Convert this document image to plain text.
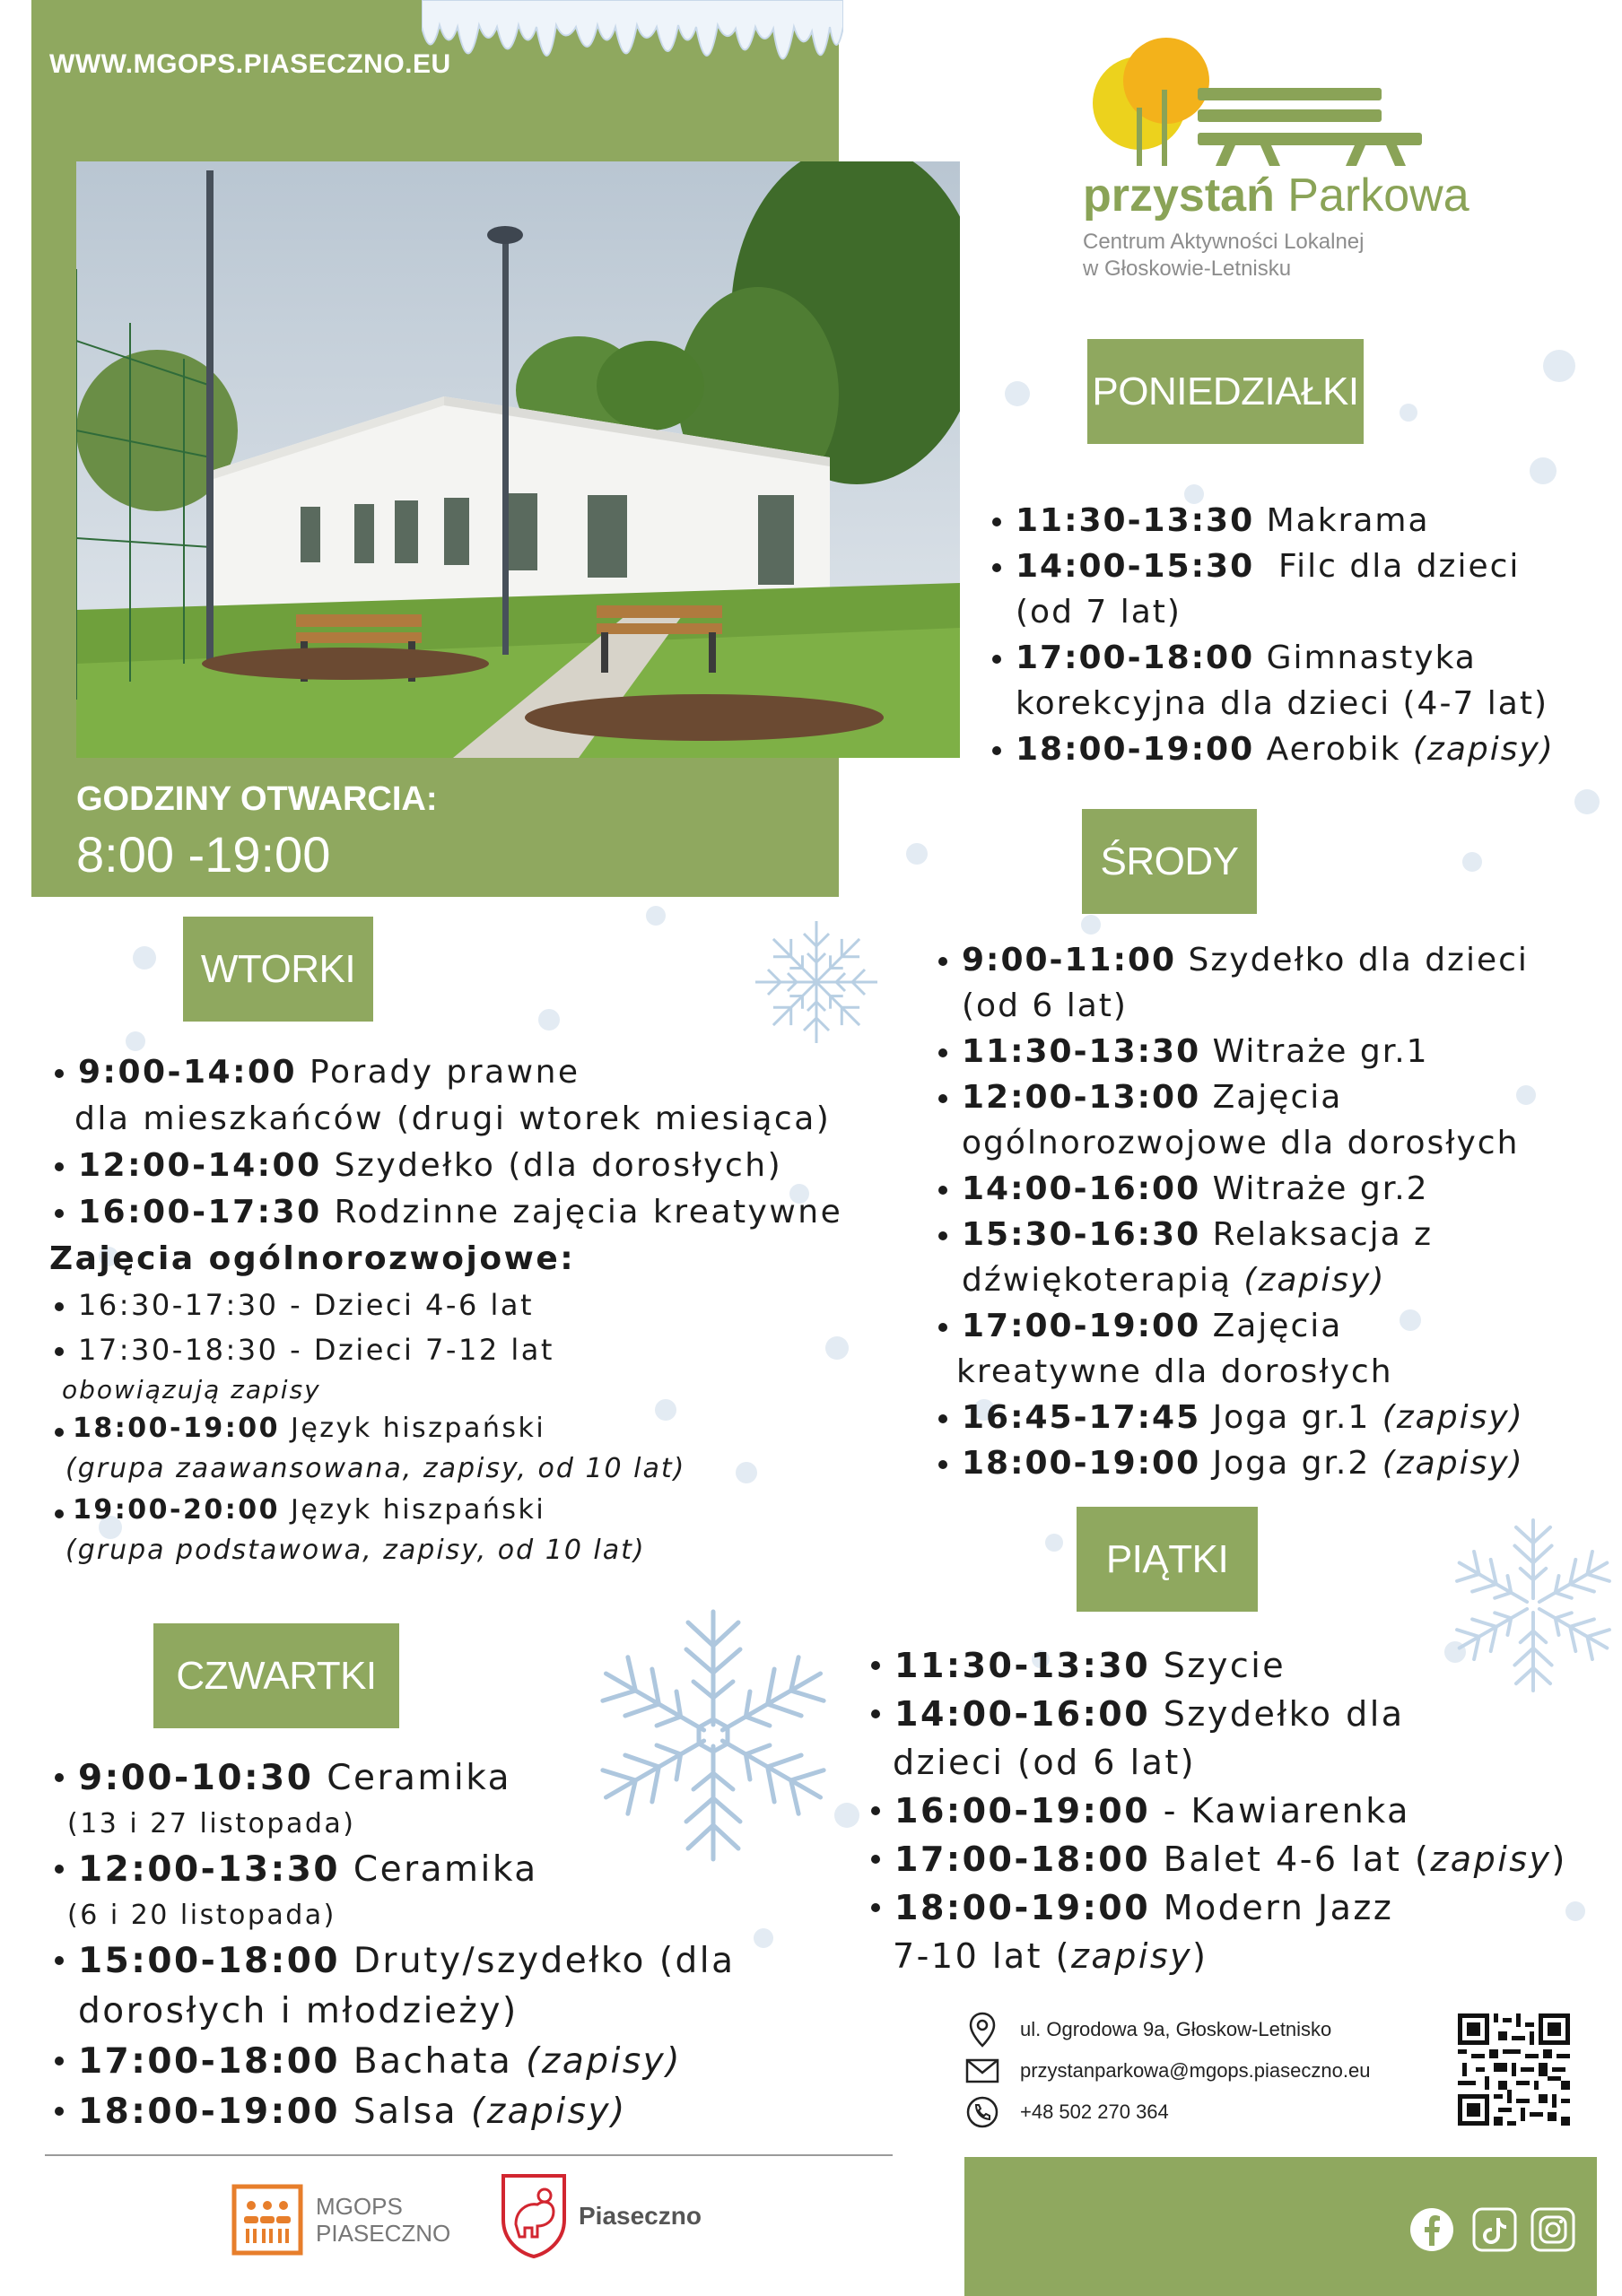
WWW.MGOPS.PIASECZNO.EU
GODZINY OTWARCIA:
8:00 -19:00
przystań Parkowa
Centrum Aktywności Lokalnej
w Głoskowie-Letnisku
PONIEDZIAŁKI
ŚRODY
WTORKI
CZWARTKI
PIĄTKI
11:30-13:30 Makrama
14:00-15:30  Filc dla dzieci
(od 7 lat)
17:00-18:00 Gimnastyka
korekcyjna dla dzieci (4-7 lat)
18:00-19:00 Aerobik (zapisy)
9:00-11:00 Szydełko dla dzieci
(od 6 lat)
11:30-13:30 Witraże gr.1
12:00-13:00 Zajęcia
ogólnorozwojowe dla dorosłych
14:00-16:00 Witraże gr.2
15:30-16:30 Relaksacja z
dźwiękoterapią (zapisy)
17:00-19:00 Zajęcia
kreatywne dla dorosłych
16:45-17:45 Joga gr.1 (zapisy)
18:00-19:00 Joga gr.2 (zapisy)
9:00-14:00 Porady prawne
dla mieszkańców (drugi wtorek miesiąca)
12:00-14:00 Szydełko (dla dorosłych)
16:00-17:30 Rodzinne zajęcia kreatywne
Zajęcia ogólnorozwojowe:
16:30-17:30 - Dzieci 4-6 lat
17:30-18:30 - Dzieci 7-12 lat
obowiązują zapisy
18:00-19:00 Język hiszpański
(grupa zaawansowana, zapisy, od 10 lat)
19:00-20:00 Język hiszpański
(grupa podstawowa, zapisy, od 10 lat)
9:00-10:30 Ceramika
(13 i 27 listopada)
12:00-13:30 Ceramika
(6 i 20 listopada)
15:00-18:00 Druty/szydełko (dla
dorosłych i młodzieży)
17:00-18:00 Bachata (zapisy)
18:00-19:00 Salsa (zapisy)
11:30-13:30 Szycie
14:00-16:00 Szydełko dla
dzieci (od 6 lat)
16:00-19:00 - Kawiarenka
17:00-18:00 Balet 4-6 lat (zapisy)
18:00-19:00 Modern Jazz
7-10 lat (zapisy)
ul. Ogrodowa 9a, Głoskow-Letnisko
przystanparkowa@mgops.piaseczno.eu
+48 502 270 364
MGOPS
PIASECZNO
Piaseczno
